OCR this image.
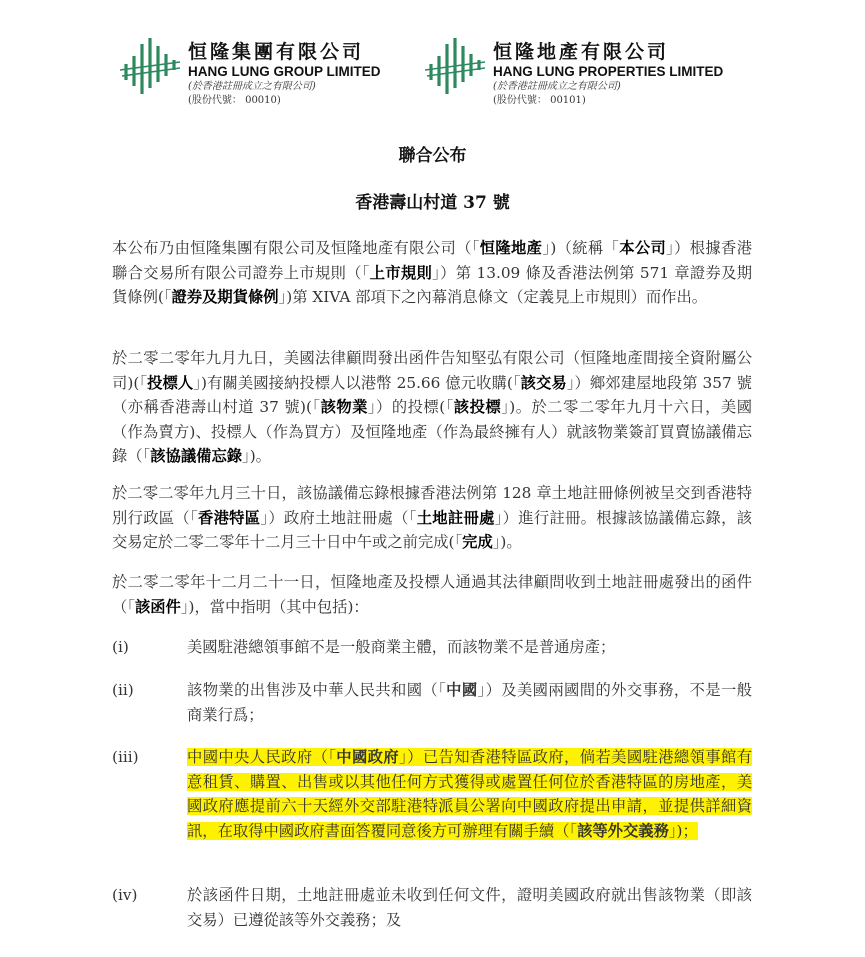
恒隆集團有限公司
HANG LUNG GROUP LIMITED
(於香港註冊成立之有限公司)
(股份代號： 00010)
恒隆地產有限公司
HANG LUNG PROPERTIES LIMITED
(於香港註冊成立之有限公司)
(股份代號： 00101)
聯合公布
香港壽山村道 37 號
本公布乃由恒隆集團有限公司及恒隆地產有限公司（「恒隆地產」)（統稱「本公司」）根據香港聯合交易所有限公司證券上市規則（「上市規則」）第 13.09 條及香港法例第 571 章證券及期貨條例(「證券及期貨條例」)第 XIVA 部項下之內幕消息條文（定義見上市規則）而作出。
於二零二零年九月九日，美國法律顧問發出函件告知堅弘有限公司（恒隆地產間接全資附屬公司)(「投標人」)有關美國接納投標人以港幣 25.66 億元收購(「該交易」）鄉郊建屋地段第 357 號（亦稱香港壽山村道 37 號)(「該物業」）的投標(「該投標」)。於二零二零年九月十六日，美國（作為賣方)、投標人（作為買方）及恒隆地產（作為最終擁有人）就該物業簽訂買賣協議備忘錄（「該協議備忘錄」)。
於二零二零年九月三十日，該協議備忘錄根據香港法例第 128 章土地註冊條例被呈交到香港特別行政區（「香港特區」）政府土地註冊處（「土地註冊處」）進行註冊。根據該協議備忘錄，該交易定於二零二零年十二月三十日中午或之前完成(「完成」)。
於二零二零年十二月二十一日，恒隆地產及投標人通過其法律顧問收到土地註冊處發出的函件（「該函件」)，當中指明（其中包括)：
(i)	美國駐港總領事館不是一般商業主體，而該物業不是普通房產；
(ii)	該物業的出售涉及中華人民共和國（「中國」）及美國兩國間的外交事務，不是一般商業行爲；
(iii)	中國中央人民政府（「中國政府」）已告知香港特區政府，倘若美國駐港總領事館有意租賃、購置、出售或以其他任何方式獲得或處置任何位於香港特區的房地產，美國政府應提前六十天經外交部駐港特派員公署向中國政府提出申請，並提供詳細資訊，在取得中國政府書面答覆同意後方可辦理有關手續（「該等外交義務」)；
(iv)	於該函件日期，土地註冊處並未收到任何文件，證明美國政府就出售該物業（即該交易）已遵從該等外交義務；及
